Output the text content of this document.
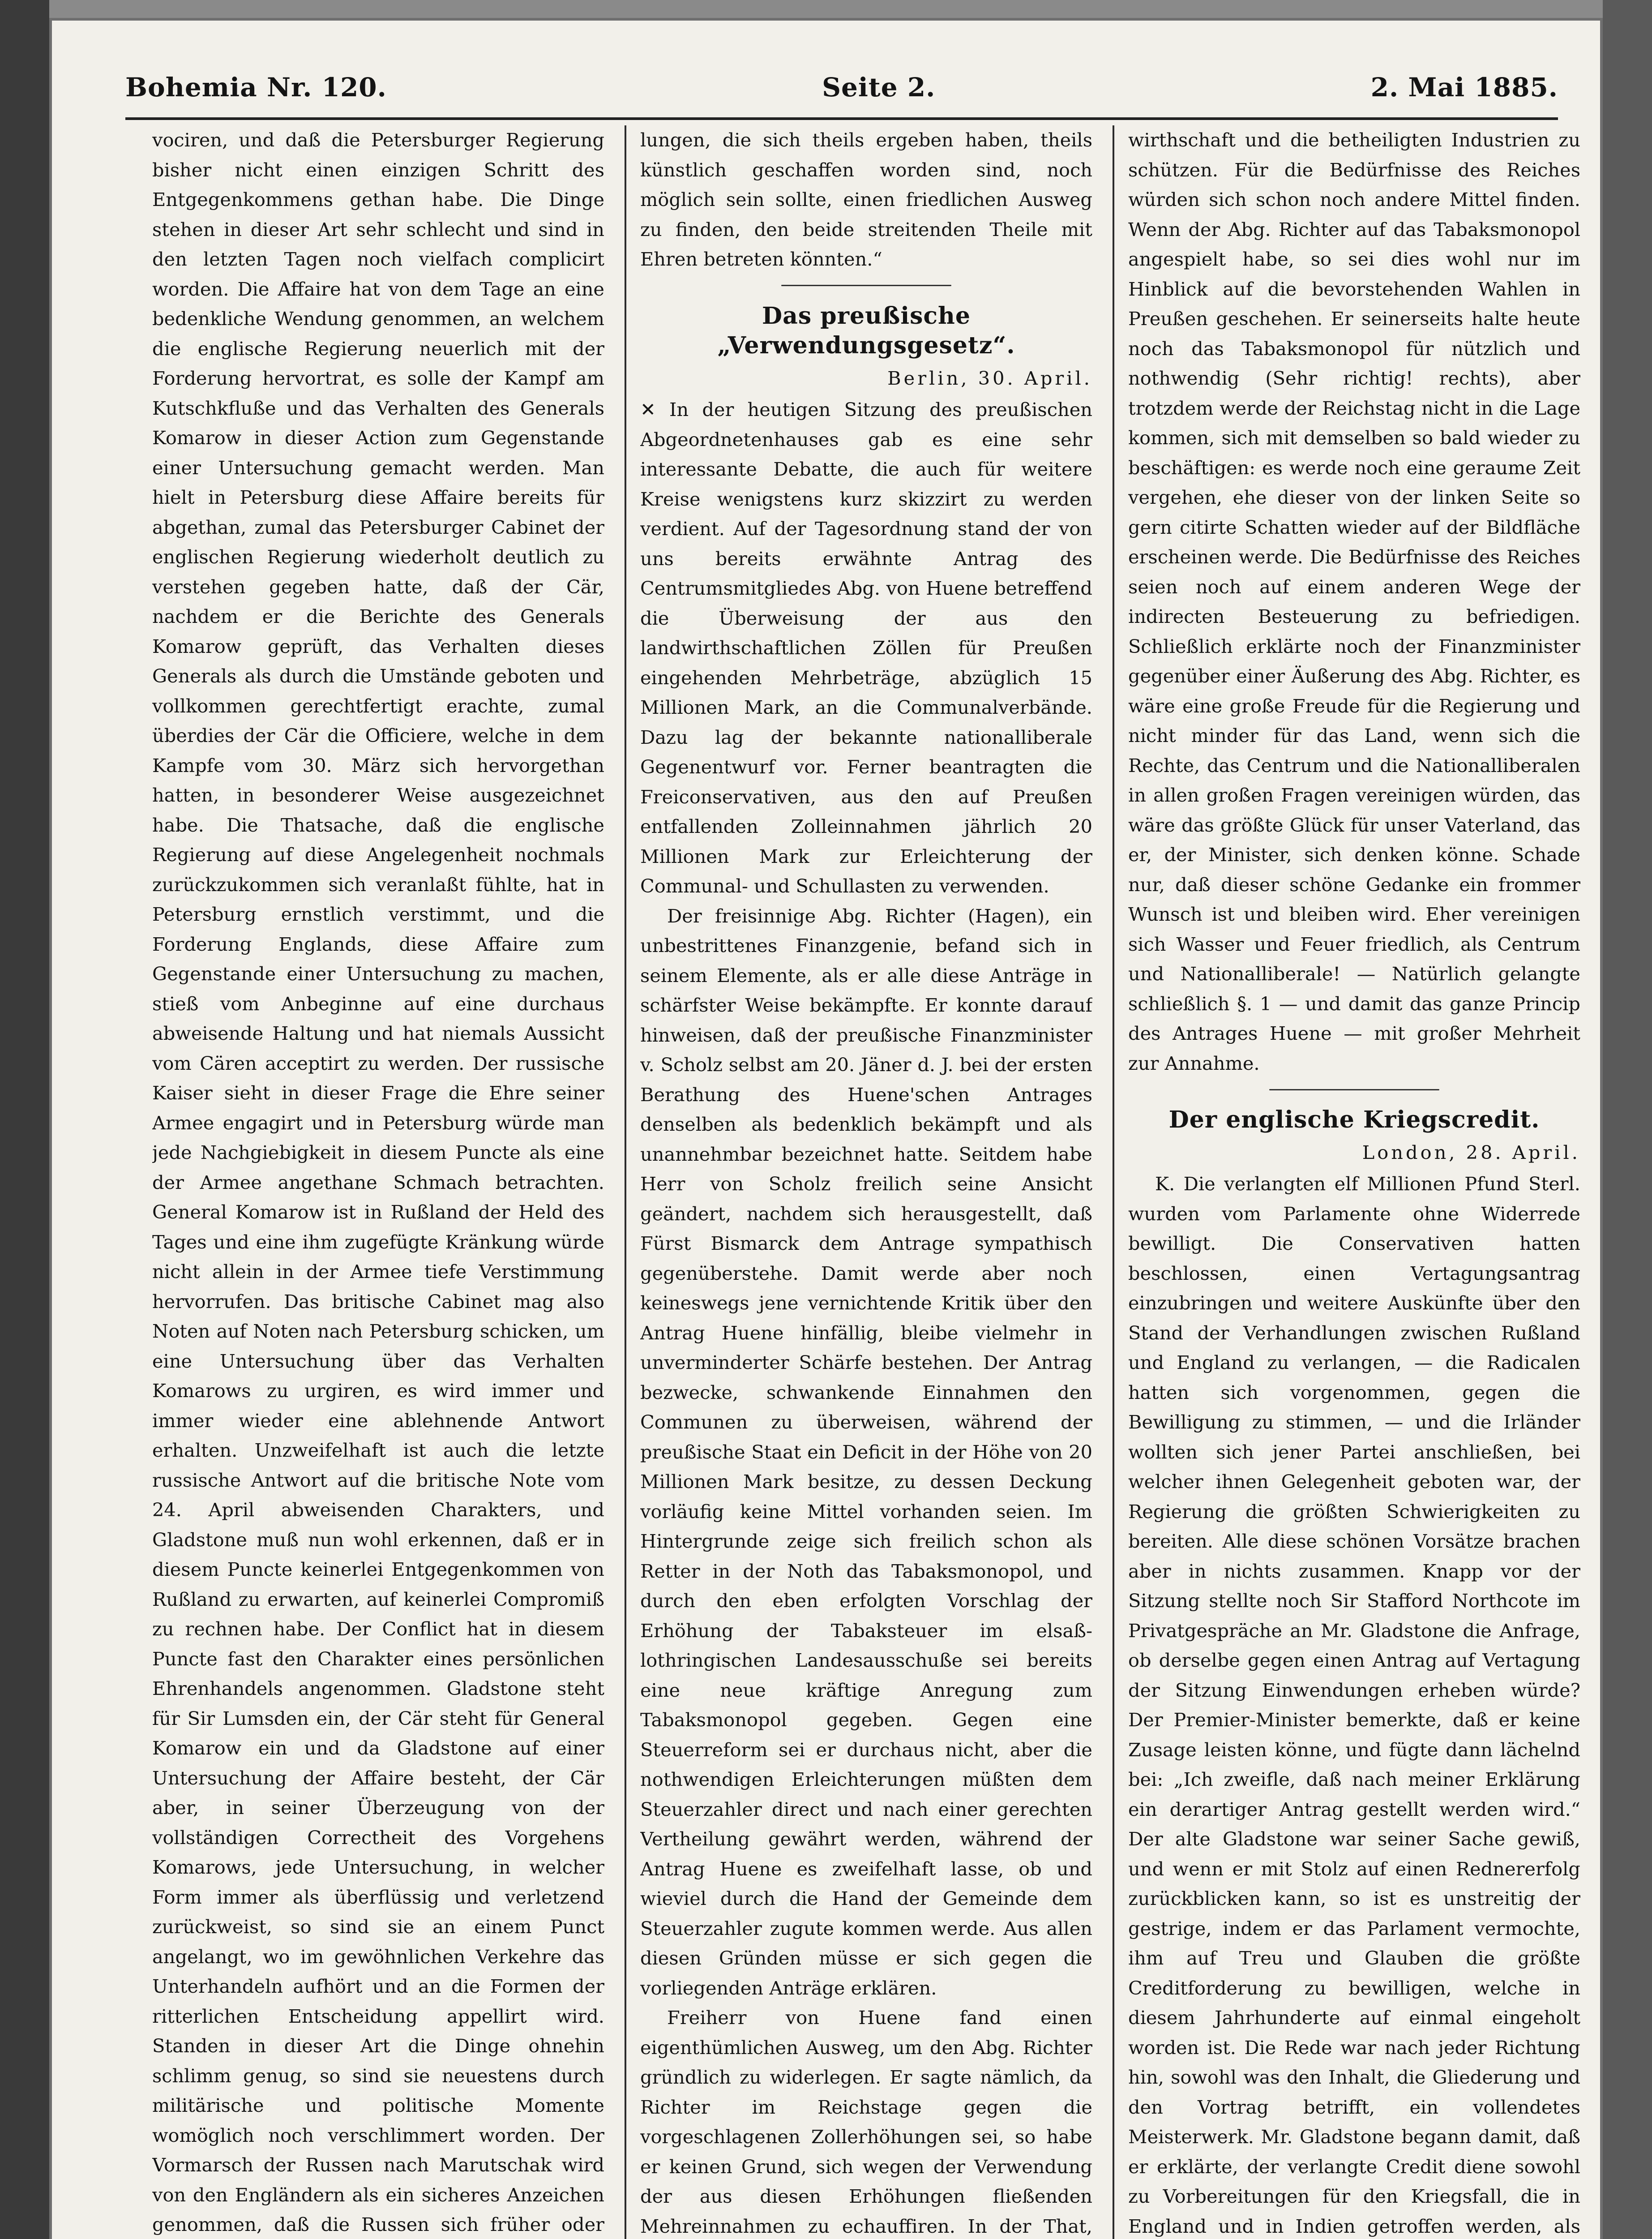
Bohemia Nr. 120.	Seite 2.	2. Mai 1885.

vociren, und daß die Petersburger Regierung bisher nicht einen einzigen Schritt des Entgegenkommens gethan habe. Die Dinge stehen in dieser Art sehr schlecht und sind in den letzten Tagen noch vielfach complicirt worden. Die Affaire hat von dem Tage an eine bedenkliche Wendung genommen, an welchem die englische Regierung neuerlich mit der Forderung hervortrat, es solle der Kampf am Kutschkfluße und das Verhalten des Generals Komarow in dieser Action zum Gegenstande einer Untersuchung gemacht werden. Man hielt in Petersburg diese Affaire bereits für abgethan, zumal das Petersburger Cabinet der englischen Regierung wiederholt deutlich zu verstehen gegeben hatte, daß der Cär, nachdem er die Berichte des Generals Komarow geprüft, das Verhalten dieses Generals als durch die Umstände geboten und vollkommen gerechtfertigt erachte, zumal überdies der Cär die Officiere, welche in dem Kampfe vom 30. März sich hervorgethan hatten, in besonderer Weise ausgezeichnet habe. Die Thatsache, daß die englische Regierung auf diese Angelegenheit nochmals zurückzukommen sich veranlaßt fühlte, hat in Petersburg ernstlich verstimmt, und die Forderung Englands, diese Affaire zum Gegenstande einer Untersuchung zu machen, stieß vom Anbeginne auf eine durchaus abweisende Haltung und hat niemals Aussicht vom Cären acceptirt zu werden. Der russische Kaiser sieht in dieser Frage die Ehre seiner Armee engagirt und in Petersburg würde man jede Nachgiebigkeit in diesem Puncte als eine der Armee angethane Schmach betrachten. General Komarow ist in Rußland der Held des Tages und eine ihm zugefügte Kränkung würde nicht allein in der Armee tiefe Verstimmung hervorrufen. Das britische Cabinet mag also Noten auf Noten nach Petersburg schicken, um eine Untersuchung über das Verhalten Komarows zu urgiren, es wird immer und immer wieder eine ablehnende Antwort erhalten. Unzweifelhaft ist auch die letzte russische Antwort auf die britische Note vom 24. April abweisenden Charakters, und Gladstone muß nun wohl erkennen, daß er in diesem Puncte keinerlei Entgegenkommen von Rußland zu erwarten, auf keinerlei Compromiß zu rechnen habe. Der Conflict hat in diesem Puncte fast den Charakter eines persönlichen Ehrenhandels angenommen. Gladstone steht für Sir Lumsden ein, der Cär steht für General Komarow ein und da Gladstone auf einer Untersuchung der Affaire besteht, der Cär aber, in seiner Überzeugung von der vollständigen Correctheit des Vorgehens Komarows, jede Untersuchung, in welcher Form immer als überflüssig und verletzend zurückweist, so sind sie an einem Punct angelangt, wo im gewöhnlichen Verkehre das Unterhandeln aufhört und an die Formen der ritterlichen Entscheidung appellirt wird. Standen in dieser Art die Dinge ohnehin schlimm genug, so sind sie neuestens durch militärische und politische Momente womöglich noch verschlimmert worden. Der Vormarsch der Russen nach Marutschak wird von den Engländern als ein sicheres Anzeichen genommen, daß die Russen sich früher oder

lungen, die sich theils ergeben haben, theils künstlich geschaffen worden sind, noch möglich sein sollte, einen friedlichen Ausweg zu finden, den beide streitenden Theile mit Ehren betreten könnten.“

Das preußische „Verwendungsgesetz“.
Berlin, 30. April.

✕ In der heutigen Sitzung des preußischen Abgeordnetenhauses gab es eine sehr interessante Debatte, die auch für weitere Kreise wenigstens kurz skizzirt zu werden verdient. Auf der Tagesordnung stand der von uns bereits erwähnte Antrag des Centrumsmitgliedes Abg. von Huene betreffend die Überweisung der aus den landwirthschaftlichen Zöllen für Preußen eingehenden Mehrbeträge, abzüglich 15 Millionen Mark, an die Communalverbände. Dazu lag der bekannte nationalliberale Gegenentwurf vor. Ferner beantragten die Freiconservativen, aus den auf Preußen entfallenden Zolleinnahmen jährlich 20 Millionen Mark zur Erleichterung der Communal- und Schullasten zu verwenden.

Der freisinnige Abg. Richter (Hagen), ein unbestrittenes Finanzgenie, befand sich in seinem Elemente, als er alle diese Anträge in schärfster Weise bekämpfte. Er konnte darauf hinweisen, daß der preußische Finanzminister v. Scholz selbst am 20. Jäner d. J. bei der ersten Berathung des Huene'schen Antrages denselben als bedenklich bekämpft und als unannehmbar bezeichnet hatte. Seitdem habe Herr von Scholz freilich seine Ansicht geändert, nachdem sich herausgestellt, daß Fürst Bismarck dem Antrage sympathisch gegenüberstehe. Damit werde aber noch keineswegs jene vernichtende Kritik über den Antrag Huene hinfällig, bleibe vielmehr in unverminderter Schärfe bestehen. Der Antrag bezwecke, schwankende Einnahmen den Communen zu überweisen, während der preußische Staat ein Deficit in der Höhe von 20 Millionen Mark besitze, zu dessen Deckung vorläufig keine Mittel vorhanden seien. Im Hintergrunde zeige sich freilich schon als Retter in der Noth das Tabaksmonopol, und durch den eben erfolgten Vorschlag der Erhöhung der Tabaksteuer im elsaß-lothringischen Landesausschuße sei bereits eine neue kräftige Anregung zum Tabaksmonopol gegeben. Gegen eine Steuerreform sei er durchaus nicht, aber die nothwendigen Erleichterungen müßten dem Steuerzahler direct und nach einer gerechten Vertheilung gewährt werden, während der Antrag Huene es zweifelhaft lasse, ob und wieviel durch die Hand der Gemeinde dem Steuerzahler zugute kommen werde. Aus allen diesen Gründen müsse er sich gegen die vorliegenden Anträge erklären.

Freiherr von Huene fand einen eigenthümlichen Ausweg, um den Abg. Richter gründlich zu widerlegen. Er sagte nämlich, da Richter im Reichstage gegen die vorgeschlagenen Zollerhöhungen sei, so habe er keinen Grund, sich wegen der Verwendung der aus diesen Erhöhungen fließenden Mehreinnahmen zu echauffiren. In der That,

wirthschaft und die betheiligten Industrien zu schützen. Für die Bedürfnisse des Reiches würden sich schon noch andere Mittel finden. Wenn der Abg. Richter auf das Tabaksmonopol angespielt habe, so sei dies wohl nur im Hinblick auf die bevorstehenden Wahlen in Preußen geschehen. Er seinerseits halte heute noch das Tabaksmonopol für nützlich und nothwendig (Sehr richtig! rechts), aber trotzdem werde der Reichstag nicht in die Lage kommen, sich mit demselben so bald wieder zu beschäftigen: es werde noch eine geraume Zeit vergehen, ehe dieser von der linken Seite so gern citirte Schatten wieder auf der Bildfläche erscheinen werde. Die Bedürfnisse des Reiches seien noch auf einem anderen Wege der indirecten Besteuerung zu befriedigen. Schließlich erklärte noch der Finanzminister gegenüber einer Äußerung des Abg. Richter, es wäre eine große Freude für die Regierung und nicht minder für das Land, wenn sich die Rechte, das Centrum und die Nationalliberalen in allen großen Fragen vereinigen würden, das wäre das größte Glück für unser Vaterland, das er, der Minister, sich denken könne. Schade nur, daß dieser schöne Gedanke ein frommer Wunsch ist und bleiben wird. Eher vereinigen sich Wasser und Feuer friedlich, als Centrum und Nationalliberale! — Natürlich gelangte schließlich §. 1 — und damit das ganze Princip des Antrages Huene — mit großer Mehrheit zur Annahme.

Der englische Kriegscredit.
London, 28. April.

K. Die verlangten elf Millionen Pfund Sterl. wurden vom Parlamente ohne Widerrede bewilligt. Die Conservativen hatten beschlossen, einen Vertagungsantrag einzubringen und weitere Auskünfte über den Stand der Verhandlungen zwischen Rußland und England zu verlangen, — die Radicalen hatten sich vorgenommen, gegen die Bewilligung zu stimmen, — und die Irländer wollten sich jener Partei anschließen, bei welcher ihnen Gelegenheit geboten war, der Regierung die größten Schwierigkeiten zu bereiten. Alle diese schönen Vorsätze brachen aber in nichts zusammen. Knapp vor der Sitzung stellte noch Sir Stafford Northcote im Privatgespräche an Mr. Gladstone die Anfrage, ob derselbe gegen einen Antrag auf Vertagung der Sitzung Einwendungen erheben würde? Der Premier-Minister bemerkte, daß er keine Zusage leisten könne, und fügte dann lächelnd bei: „Ich zweifle, daß nach meiner Erklärung ein derartiger Antrag gestellt werden wird.“ Der alte Gladstone war seiner Sache gewiß, und wenn er mit Stolz auf einen Rednererfolg zurückblicken kann, so ist es unstreitig der gestrige, indem er das Parlament vermochte, ihm auf Treu und Glauben die größte Creditforderung zu bewilligen, welche in diesem Jahrhunderte auf einmal eingeholt worden ist. Die Rede war nach jeder Richtung hin, sowohl was den Inhalt, die Gliederung und den Vortrag betrifft, ein vollendetes Meisterwerk. Mr. Gladstone begann damit, daß er erklärte, der verlangte Credit diene sowohl zu Vorbereitungen für den Kriegsfall, die in England und in Indien getroffen werden, als
